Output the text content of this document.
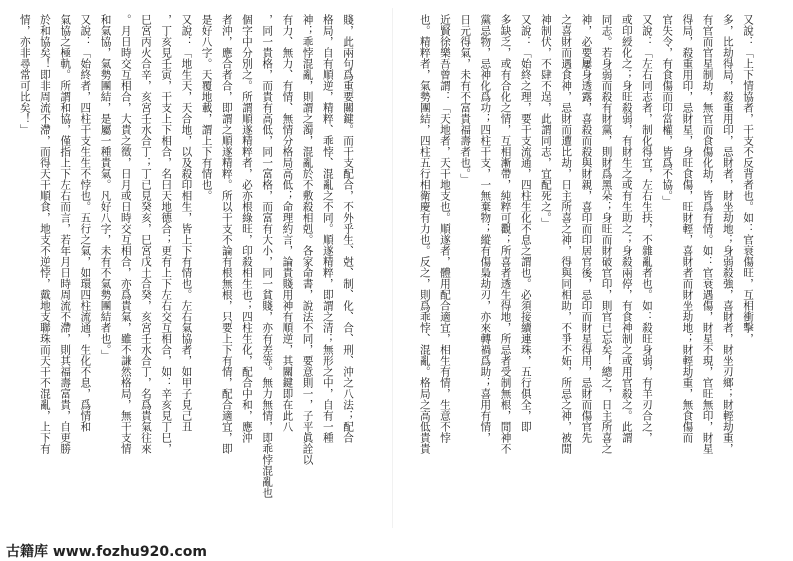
又說：「上下情協者，干支不反背者也。如：官衰傷旺，互相衝擊，
多，比劫得局，殺重用印，忌財者，財坐劫地；身弱殺強，喜財者，財坐刃鄉；財輕劫重，
有官而官星制劫，無官而食傷化劫，皆爲有情。如：官衰遇傷，財星不現，官旺無印，財星
得局，殺重用印，忌財星，身旺食傷，旺財輕，喜財者而財坐劫地；財輕劫重，無食傷而
官失令，有食傷而印當權，皆爲不協。」
又說：「左右同志者，制化得宜，左右生扶，不雜亂者也。如：殺旺身弱，有羊刃合之，
或印綬化之；身旺殺弱，有財生之或有生助之；身殺兩停，有食神制之或用官殺之。此謂
同志。若身弱而殺有財黨，則財爲黑朵；身旺而財破官印，則官已忘矣！總之，日主所喜之
神，必要屢身透露，喜殺而殺與財親，喜印而印居官後，忌印而財星得用，忌財而傷官先
之喜財而遇食神，忌財而遭比劫，日主所喜之神，得與同相助，不爭不妬，所忌之神，被閒
神制伏，不肆不逞，此謂同志，宜配死之。」
又說：「始終之理，要干支流通，四柱生化不息之謂也。必須接續連珠，五行俱全，即
多缺乏，或有合化之情，互相漸帶，純粹可觀；所喜者透生得地，所忌者受制無根，閒神不
黨忌物，忌神化爲功；四柱干支，一無棄物；縱有傷梟劫刃，亦來轉禍爲助；喜用有情，
日元得氣，未有不富貴福壽者也。」
近賢徐樂吾曾謂：「天地者，天干地支也。順遂者，體用配合適宜，相生有情，生意不悖
也。精粹者，氣勢團結，四柱五行相衛慶有力也。反之，則爲乖悖、混亂。格局之高低貴貴
賤，此兩句爲重要關鍵。而干支配合，不外乎生、尅、制、化、合、刑、沖之八法；配合
格局，自有順逆，精粹、乖悖、混亂之不同。順遂精粹，即謂之清；無形之中，自有一種
神；乖悖混亂，則謂之濁，混亂於不敷殺相剋。各家命書，說法不同，要意則一，子平眞詮以
有力、無力、有情、無情分格局高低；命理約言，論貴賤用神有順逆，其關鍵即在此八
，同一貴格，而貴有高低，同一富格，而富有大小，同一貧賤，亦有差等。無力無情，即乖悖混亂也
個字中分別之。所謂順遂精粹者，必亦根綠旺，印殺相生也；四柱生化，配合中和，應沖
者沖，應合者合，即謂之順遂精粹。所以干支不論有根無根，只要上下有情，配合適宜，即
是好八字。天覆地載，謂上下有情也。
又說：「地生天，天合地，以及殺印相生，皆上下有情也。左右氣協者，如甲子見己丑
，丁亥見壬寅，干支上下相合，名曰天地德合；更有上下左右交互相合，如：辛亥見丁巳，
巳宮丙火合辛，亥宮壬水合丁；丁已見癸亥，巳宮戊土合癸，亥宮壬水合丁，名爲貴氣往來
。月日時交互相合，大貴之徵，日月或日時交互相合，亦爲貴氣，雖不謙然格局，無干支情
和氣協，氣勢團結，是屬一種貴氣。凡好八字，未有不氣勢團結者也。」
又說：「始終者，四柱干支生生不悖也。五行之氣，如環四柱流通，生化不息，爲情和
氣協之極軌。所謂和協，僅指上下左右而言，若年月日時周流不滯，則其福壽富貴，自更勝
於和協矣！即非周流不滯，而得天干順食，地支不逆悖，戴地支聯珠而天干不混亂，上下有
情，亦非尋常可比矣！」
古籍库 www.fozhu920.com
